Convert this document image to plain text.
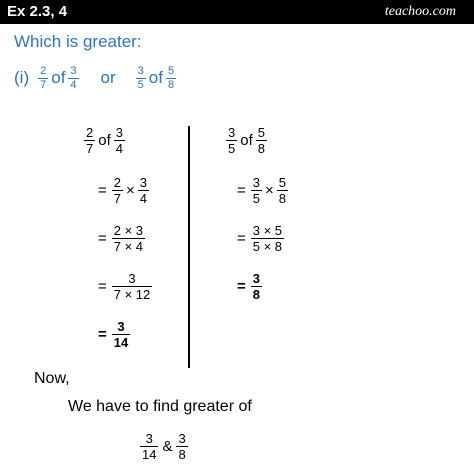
Ex 2.3, 4	teachoo.com
Which is greater:
$(i) \frac{2}{7}$ of $\frac{3}{4}$ or $\frac{3}{5}$ of $\frac{5}{8}$
$\frac{2}{7}$ of $\frac{3}{4}$
= $\frac{2}{7} \times \frac{3}{4}$
= $\frac{2 \times 3}{7 \times 4}$
= $\frac{3}{7 \times 12}$
= $\frac{3}{14}$
$\frac{3}{5}$ of $\frac{5}{8}$
= $\frac{3}{5} \times \frac{5}{8}$
= $\frac{3 \times 5}{5 \times 8}$
= $\frac{3}{8}$
Now,
We have to find greater of
$\frac{3}{14}$ & $\frac{3}{8}$
